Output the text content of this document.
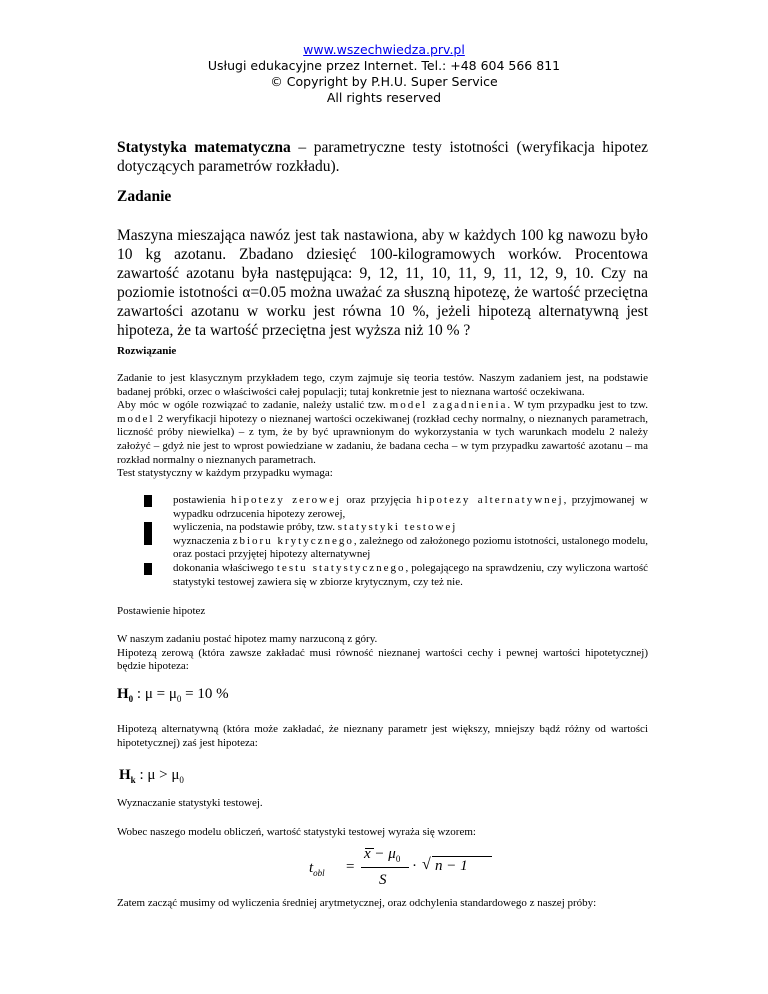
www.wszechwiedza.prv.pl
Usługi edukacyjne przez Internet. Tel.: +48 604 566 811
© Copyright by P.H.U. Super Service
All rights reserved
Statystyka matematyczna – parametryczne testy istotności (weryfikacja hipotez dotyczących parametrów rozkładu).
Zadanie
Maszyna mieszająca nawóz jest tak nastawiona, aby w każdych 100 kg nawozu było 10 kg azotanu. Zbadano dziesięć 100-kilogramowych worków. Procentowa zawartość azotanu była następująca: 9, 12, 11, 10, 11, 9, 11, 12, 9, 10. Czy na poziomie istotności α=0.05 można uważać za słuszną hipotezę, że wartość przeciętna zawartości azotanu w worku jest równa 10 %, jeżeli hipotezą alternatywną jest hipoteza, że ta wartość przeciętna jest wyższa niż 10 % ?
Rozwiązanie
Zadanie to jest klasycznym przykładem tego, czym zajmuje się teoria testów. Naszym zadaniem jest, na podstawie badanej próbki, orzec o właściwości całej populacji; tutaj konkretnie jest to nieznana wartość oczekiwana.
Aby móc w ogóle rozwiązać to zadanie, należy ustalić tzw. model zagadnienia. W tym przypadku jest to tzw. model 2 weryfikacji hipotezy o nieznanej wartości oczekiwanej (rozkład cechy normalny, o nieznanych parametrach, liczność próby niewielka) – z tym, że by być uprawnionym do wykorzystania w tych warunkach modelu 2 należy założyć – gdyż nie jest to wprost powiedziane w zadaniu, że badana cecha – w tym przypadku zawartość azotanu – ma rozkład normalny o nieznanych parametrach.
Test statystyczny w każdym przypadku wymaga:
postawienia hipotezy zerowej oraz przyjęcia hipotezy alternatywnej, przyjmowanej w wypadku odrzucenia hipotezy zerowej,
wyliczenia, na podstawie próby, tzw. statystyki testowej
wyznaczenia zbioru krytycznego, zależnego od założonego poziomu istotności, ustalonego modelu, oraz postaci przyjętej hipotezy alternatywnej
dokonania właściwego testu statystycznego, polegającego na sprawdzeniu, czy wyliczona wartość statystyki testowej zawiera się w zbiorze krytycznym, czy też nie.
Postawienie hipotez
W naszym zadaniu postać hipotez mamy narzuconą z góry.
Hipotezą zerową (która zawsze zakładać musi równość nieznanej wartości cechy i pewnej wartości hipotetycznej) będzie hipoteza:
$H_0$ : $\mu = \mu_0 = 10$ %
Hipotezą alternatywną (która może zakładać, że nieznany parametr jest większy, mniejszy bądź różny od wartości hipotetycznej) zaś jest hipoteza:
$H_k$ : $\mu > \mu_0$
Wyznaczanie statystyki testowej.
Wobec naszego modelu obliczeń, wartość statystyki testowej wyraża się wzorem:
$t_{obl}$ =
$x - \mu_0$
S
· √ n − 1
Zatem zacząć musimy od wyliczenia średniej arytmetycznej, oraz odchylenia standardowego z naszej próby:
